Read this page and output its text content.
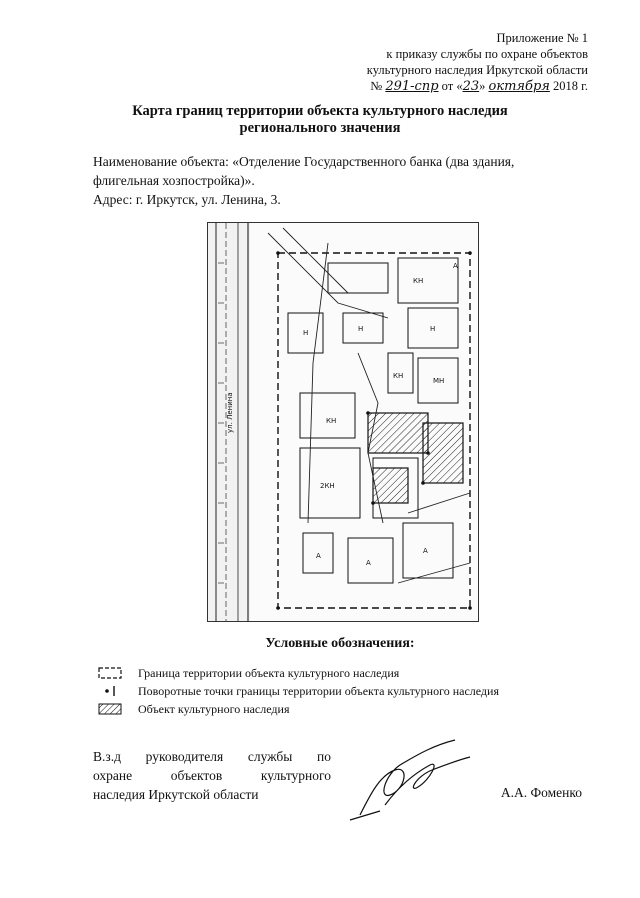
Приложение № 1
к приказу службы по охране объектов
культурного наследия Иркутской области
№ 291-спр от «23» октября 2018 г.
Карта границ территории объекта культурного наследия
регионального значения
Наименование объекта: «Отделение Государственного банка (два здания,
флигельная хозпостройка)».
Адрес: г. Иркутск, ул. Ленина, 3.
ул. Ленина
КН
КН
КН
Н	Н	Н
МН
2КН
А
А
А
А
Условные обозначения:
Граница территории объекта культурного наследия
Поворотные точки границы территории объекта культурного наследия
Объект культурного наследия
В.з.д руководителя службы по
охране	объектов	культурного
наследия Иркутской области	А.А. Фоменко
